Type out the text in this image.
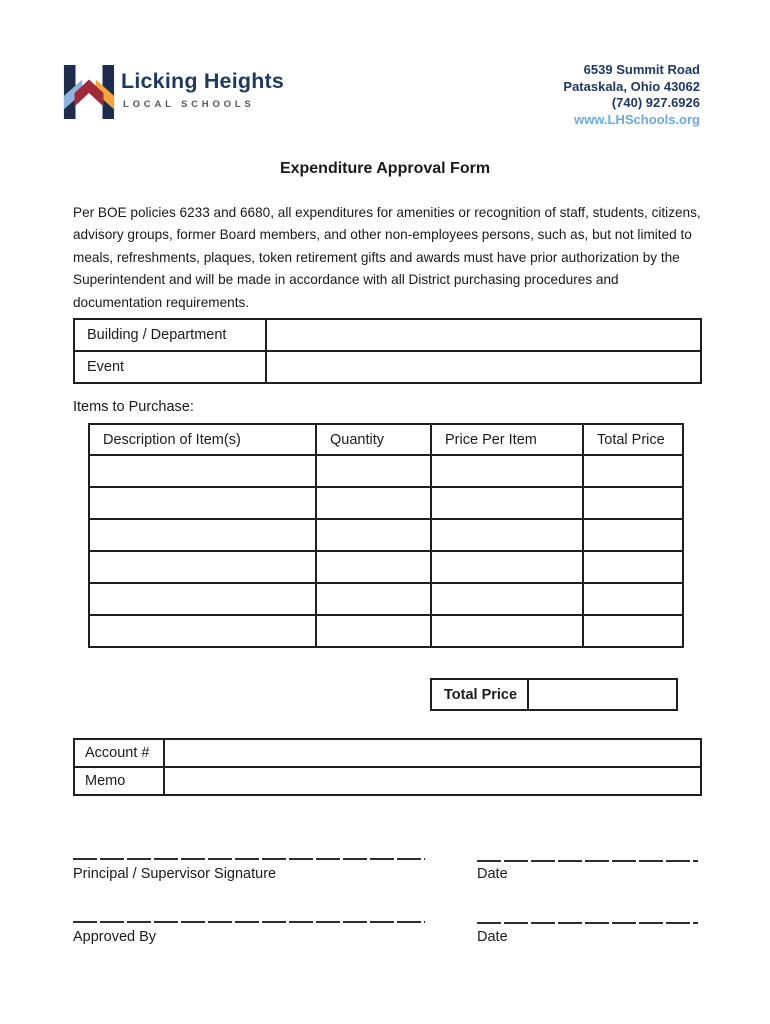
Licking Heights
LOCAL SCHOOLS
6539 Summit Road
Pataskala, Ohio 43062
(740) 927.6926
www.LHSchools.org
Expenditure Approval Form
Per BOE policies 6233 and 6680, all expenditures for amenities or recognition of staff, students, citizens, advisory groups, former Board members, and other non-employees persons, such as, but not limited to meals, refreshments, plaques, token retirement gifts and awards must have prior authorization by the Superintendent and will be made in accordance with all District purchasing procedures and documentation requirements.
Building / Department	
Event	
Items to Purchase:
Description of Item(s)	Quantity	Price Per Item	Total Price

Total Price	
Account #	
Memo	
Principal / Supervisor Signature	Date
Approved By	Date
